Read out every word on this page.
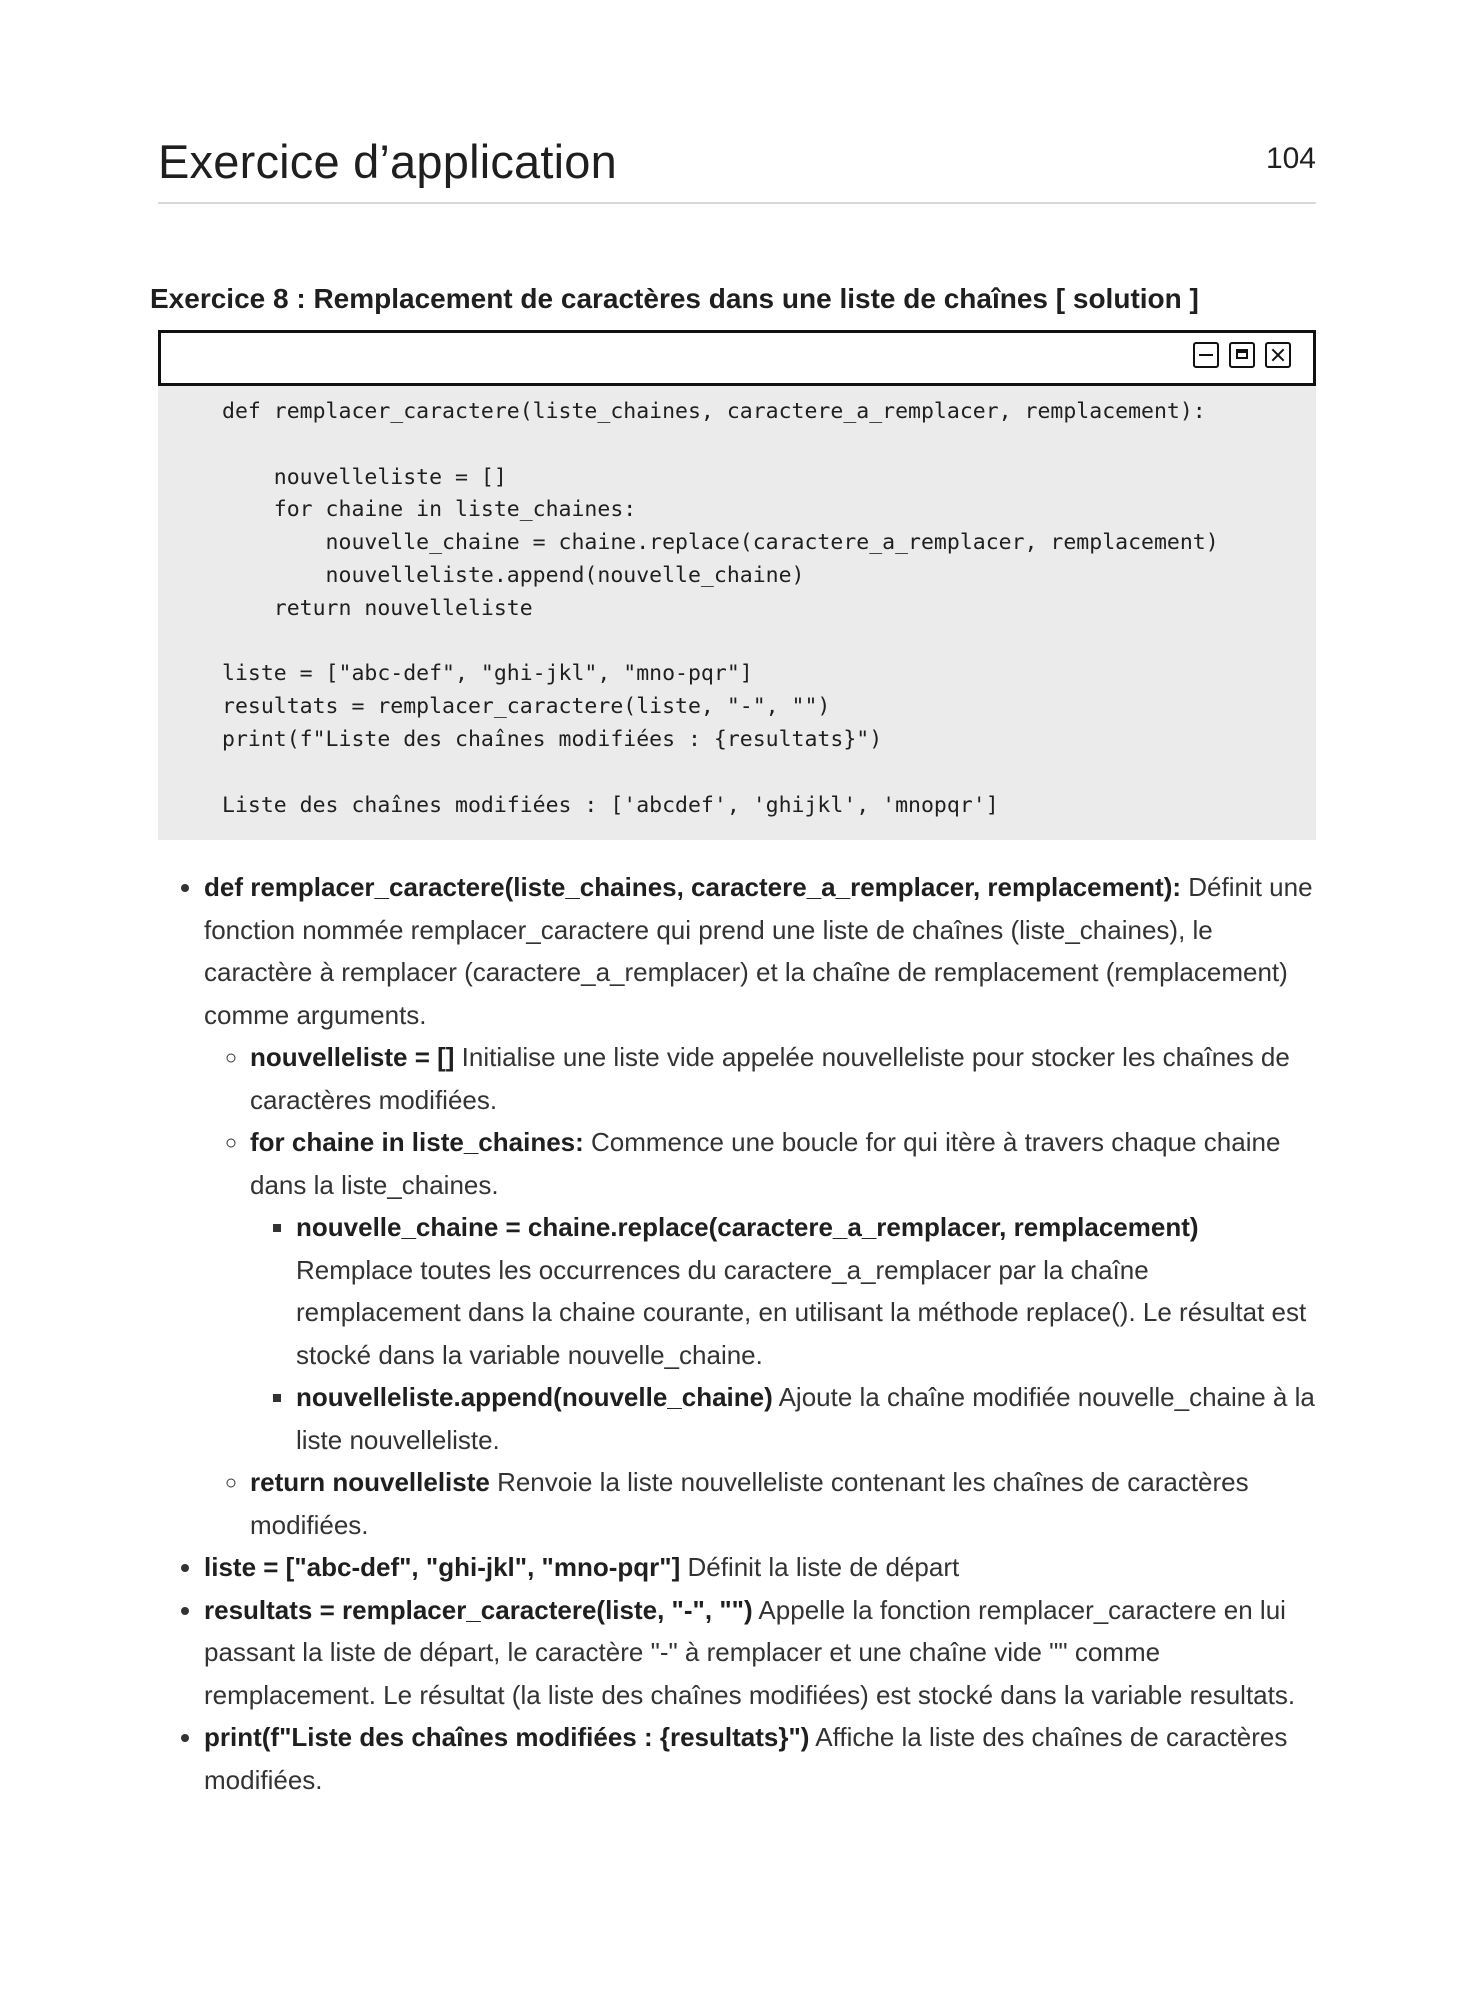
Exercice d’application	104
Exercice 8 : Remplacement de caractères dans une liste de chaînes [ solution ]
def remplacer_caractere(liste_chaines, caractere_a_remplacer, remplacement):
nouvelleliste = []
for chaine in liste_chaines:
nouvelle_chaine = chaine.replace(caractere_a_remplacer, remplacement)
nouvelleliste.append(nouvelle_chaine)
return nouvelleliste
liste = ["abc-def", "ghi-jkl", "mno-pqr"]
resultats = remplacer_caractere(liste, "-", "")
print(f"Liste des chaînes modifiées : {resultats}")
Liste des chaînes modifiées : ['abcdef', 'ghijkl', 'mnopqr']
• def remplacer_caractere(liste_chaines, caractere_a_remplacer, remplacement): Définit une fonction nommée remplacer_caractere qui prend une liste de chaînes (liste_chaines), le caractère à remplacer (caractere_a_remplacer) et la chaîne de remplacement (remplacement) comme arguments.
◦ nouvelleliste = [] Initialise une liste vide appelée nouvelleliste pour stocker les chaînes de caractères modifiées.
◦ for chaine in liste_chaines: Commence une boucle for qui itère à travers chaque chaine dans la liste_chaines.
▪ nouvelle_chaine = chaine.replace(caractere_a_remplacer, remplacement) Remplace toutes les occurrences du caractere_a_remplacer par la chaîne remplacement dans la chaine courante, en utilisant la méthode replace(). Le résultat est stocké dans la variable nouvelle_chaine.
▪ nouvelleliste.append(nouvelle_chaine) Ajoute la chaîne modifiée nouvelle_chaine à la liste nouvelleliste.
◦ return nouvelleliste Renvoie la liste nouvelleliste contenant les chaînes de caractères modifiées.
• liste = ["abc-def", "ghi-jkl", "mno-pqr"] Définit la liste de départ
• resultats = remplacer_caractere(liste, "-", "") Appelle la fonction remplacer_caractere en lui passant la liste de départ, le caractère "-" à remplacer et une chaîne vide "" comme remplacement. Le résultat (la liste des chaînes modifiées) est stocké dans la variable resultats.
• print(f"Liste des chaînes modifiées : {resultats}") Affiche la liste des chaînes de caractères modifiées.
